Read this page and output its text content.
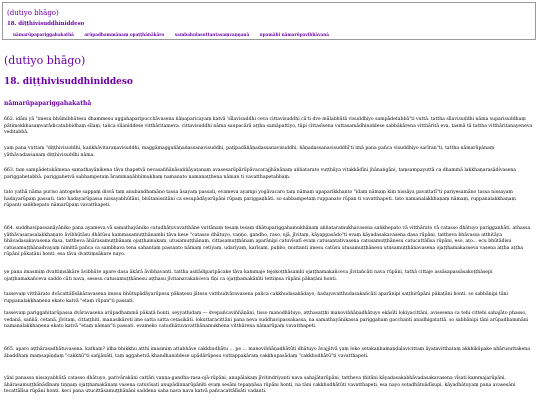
(dutiyo bhāgo)
18. diṭṭhivisuddhiniddeso
nāmarūpapariggahakathā arūpadhammānaṃ opaṭṭhānākāro sambahulasuttantasaṃvaṇṇanā upamāhi nāmarūpavibhāvanā
(dutiyo bhāgo)
18. diṭṭhivisuddhiniddeso
nāmarūpapariggahakathā

662. idāni yā "imesu bhūmibhūtesu dhammesu uggahaparipucchāvasena ñāṇaparicayaṃ katvā 'sīlavisuddhi ceva cittavisuddhi cā'ti dve mūlabhūtā visuddhiyo sampādetabbā"ti vuttā. tattha sīlavisuddhi nāma suparisuddhaṃ pātimokkhasaṃvarādicatubbidhaṃ sīlaṃ, tañca sīlaniddese vitthāritameva. cittavisuddhi nāma saupacārā aṭṭha samāpattiyo, tāpi cittasīsena vuttasamādhiniddese sabbākārena vitthāritā eva. tasmā tā tattha vitthāritanayeneva veditabbā.

yaṃ pana vuttaṃ "diṭṭhivisuddhi, kaṅkhāvitaraṇavisuddhi, maggāmaggañāṇadassanavisuddhi, paṭipadāñāṇadassanavisuddhi, ñāṇadassanavisuddhī'ti imā pana pañca visuddhiyo sarīran"ti, tattha nāmarūpānaṃ yāthāvadassanaṃ diṭṭhivisuddhi nāma.

663. taṃ sampādetukāmena samathayānikena tāva ṭhapetvā nevasaññānāsaññāyatanaṃ avasesarūpārūpāvacarajjhānānaṃ aññatarato vuṭṭhāya vitakkādīni jhānaṅgāni, taṃsampayuttā ca dhammā lakkhaṇarasādivasena pariggahetabbā. pariggahetvā sabbampetaṃ ārammaṇābhimukhaṃ namanato namanaṭṭhena nāman ti vavatthapetabbaṃ.

tato yathā nāma puriso antogehe sappaṃ disvā taṃ anubandhamāno tassa āsayaṃ passati, evameva ayampi yogāvacaro taṃ nāmaṃ upaparikkhanto "idaṃ nāmaṃ kiṃ nissāya pavattatī"ti pariyesamāno tassa nissayaṃ hadayarūpaṃ passati. tato hadayarūpassa nissayabhūtāni, bhūtanissitāni ca sesupādāyarūpāni rūpaṃ pariggaṇhāti. so sabbampetaṃ ruppanato rūpan ti vavatthapeti. tato namanalakkhaṇaṃ nāmaṃ, ruppanalakkhaṇaṃ rūpanti saṅkhepato nāmarūpaṃ vavatthapeti.

664. suddhavipassanāyāniko pana ayameva vā samathayāniko catudhātuvavatthāne vuttānaṃ tesaṃ tesaṃ dhātupariggahamukhānaṃ aññataramukhavasena saṅkhepato vā vitthārato vā catasso dhātuyo pariggaṇhāti. athassa yāthāvasarasalakkhaṇato āvibhūtāsu dhātūsu kammasamuṭṭhānamhi tāva kese "catasso dhātuyo, vaṇṇo, gandho, raso, ojā, jīvitaṃ, kāyappasādo"ti evaṃ kāyadasakavasena dasa rūpāni, tattheva bhāvassa atthitāya bhāvadasakavasena dasa, tattheva āhārasamuṭṭhānaṃ ojaṭṭhamakaṃ, utusamuṭṭhānaṃ, cittasamuṭṭhānaṃ aparānipi catuvīsatī evaṃ catusantativasena catusamuṭṭhānesu catucattālīsa rūpāni, eso, aṭo... ecu bhūtādisu catusamuṭṭhānadvayaṃ nimittā pañca ca sambhava tena sahantaṃ passanto nāmaṃ cetiyaṃ, udariyaṃ, karīsaṃ, pubbo, muttanti imesu catūsu utusamuṭṭhānesu utusamuṭṭhānavasena ojaṭṭhamakasseva vasena aṭṭha aṭṭha rūpāni pākaṭāni honti. esa tāva dvattiṃsākare nayo.

ye pana imasmiṃ dvattiṃsākāre āvibhūte apare dasa ākārā āvibhavanti. tattha asitādiparipācake tāva kammaje tejokoṭṭhāsamhi ojaṭṭhamakañceva jīvitañcāti nava rūpāni, tathā cittaje assāsapassāsakoṭṭhāsepi ojaṭṭhamakañceva saddo cāti nava, sesesu catusamuṭṭhānesu aṭṭhasu jīvitanavakañceva tīṇi ca ojaṭṭhamakānīti tettiṃsa rūpāni pākaṭāni honti.

tassevaṃ vitthārato dvācattālīsākāravasena imesu bhūtupādāyarūpesu pākaṭesu jātesu vatthudvāravasena pañca cakkhudasakādayo, hadayavatthudasakañcāti aparānipi saṭṭhirūpāni pākaṭāni honti. so sabbānipi tāni ruppanalakkhaṇena ekato katvā "etaṃ rūpan"ti passati.

tassevaṃ pariggahitarūpassa dvāravasena arūpadhammā pākaṭā honti. seyyathidaṃ — dvepañcaviññāṇāni, tisso manodhātuyo, aṭṭhasaṭṭhi manoviññāṇadhātuyo ekāsīti lokiyacittāni, avisesena ca tehi cittehi sahajāto phasso, vedanā, saññā, cetanā, jīvitaṃ, cittaṭṭhiti, manasikāroti ime satta satta cetasikāti. lokuttaracittāni pana neva suddhavipassakassa, na samathayānikassa pariggahaṃ gacchanti anadhigatattā. so sabbānipi tāni arūpadhammāni namanalakkhaṇena ekato katvā "etaṃ nāman"ti passati. evameko catudhātuvavatthānamukhena vitthārena nāmarūpaṃ vavatthapeti.

665. aparo aṭṭhārasadhātuvasena. kathaṃ? idha bhikkhu atthi imasmiṃ attabhāve cakkhudhātu ... pe ... manoviññāṇadhātūti dhātuyo āvajjitvā yaṃ loko setakaṇhamaṇḍalavicittaṃ āyatavitthataṃ akkhikūpake nhārusuttakena ābaddhaṃ maṃsapiṇḍaṃ "cakkhū"ti sañjānāti, taṃ aggahetvā khandhaniddese upādārūpesu vuttappakāraṃ cakkhupasādaṃ "cakkhudhātū"ti vavatthapeti.

yāni panassa nissayabhūtā catasso dhātuyo, parivārakāni cattāri vaṇṇa-gandha-rasa-ojā-rūpāni, anupālakaṃ jīvitindriyanti nava sahajātarūpāni, tattheva ṭhitāni kāyadasakabhāvadasakavasena vīsati kammajarūpāni, āhārasamuṭṭhānādīnaṃ tiṇṇaṃ ojaṭṭhamakānaṃ vasena catuvīsati anupādinnarūpānīti evaṃ sesāni tepaṇṇāsa rūpāni honti, na tāni cakkhudhātūti vavatthapeti. esa nayo sotadhātuādīsupi. kāyadhātuyaṃ pana avasesāni tecattālīsa rūpāni honti. keci pana utucittāsamuṭṭhānāni saddena saha nava nava katvā pañcacattālīsāti vadanti.
